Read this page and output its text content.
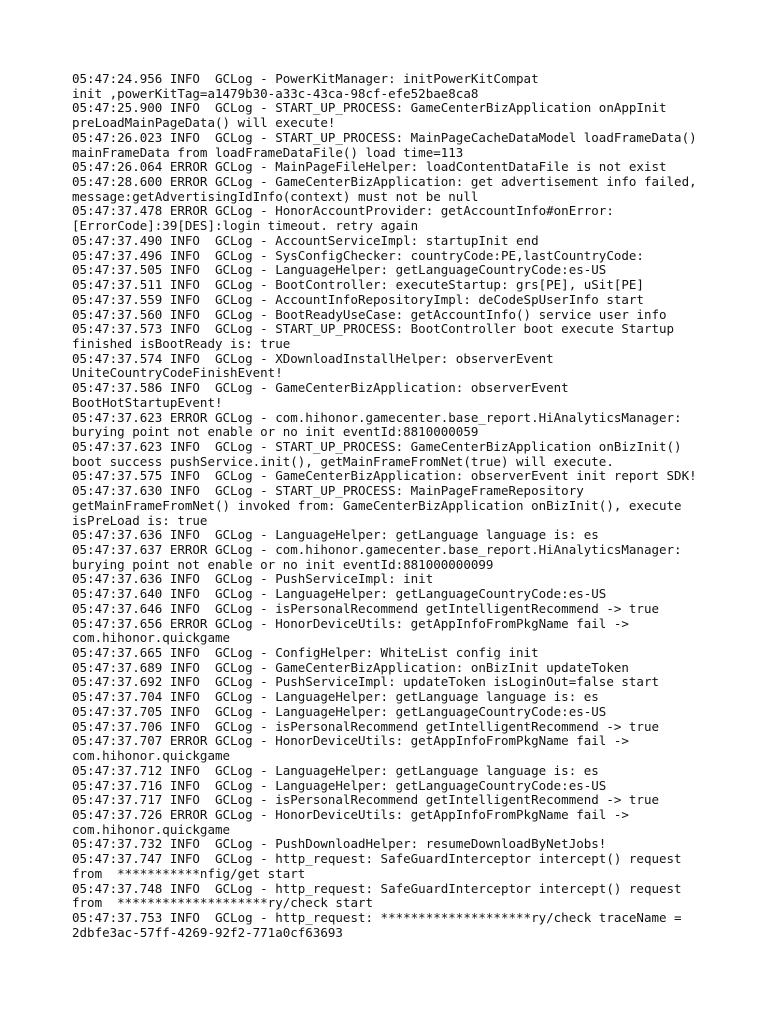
05:47:24.956 INFO  GCLog - PowerKitManager: initPowerKitCompat
init ,powerKitTag=a1479b30-a33c-43ca-98cf-efe52bae8ca8
05:47:25.900 INFO  GCLog - START_UP_PROCESS: GameCenterBizApplication onAppInit
preLoadMainPageData() will execute!
05:47:26.023 INFO  GCLog - START_UP_PROCESS: MainPageCacheDataModel loadFrameData()
mainFrameData from loadFrameDataFile() load time=113
05:47:26.064 ERROR GCLog - MainPageFileHelper: loadContentDataFile is not exist
05:47:28.600 ERROR GCLog - GameCenterBizApplication: get advertisement info failed,
message:getAdvertisingIdInfo(context) must not be null
05:47:37.478 ERROR GCLog - HonorAccountProvider: getAccountInfo#onError:
[ErrorCode]:39[DES]:login timeout. retry again
05:47:37.490 INFO  GCLog - AccountServiceImpl: startupInit end
05:47:37.496 INFO  GCLog - SysConfigChecker: countryCode:PE,lastCountryCode:
05:47:37.505 INFO  GCLog - LanguageHelper: getLanguageCountryCode:es-US
05:47:37.511 INFO  GCLog - BootController: executeStartup: grs[PE], uSit[PE]
05:47:37.559 INFO  GCLog - AccountInfoRepositoryImpl: deCodeSpUserInfo start
05:47:37.560 INFO  GCLog - BootReadyUseCase: getAccountInfo() service user info
05:47:37.573 INFO  GCLog - START_UP_PROCESS: BootController boot execute Startup
finished isBootReady is: true
05:47:37.574 INFO  GCLog - XDownloadInstallHelper: observerEvent
UniteCountryCodeFinishEvent!
05:47:37.586 INFO  GCLog - GameCenterBizApplication: observerEvent
BootHotStartupEvent!
05:47:37.623 ERROR GCLog - com.hihonor.gamecenter.base_report.HiAnalyticsManager:
burying point not enable or no init eventId:8810000059
05:47:37.623 INFO  GCLog - START_UP_PROCESS: GameCenterBizApplication onBizInit()
boot success pushService.init(), getMainFrameFromNet(true) will execute.
05:47:37.575 INFO  GCLog - GameCenterBizApplication: observerEvent init report SDK!
05:47:37.630 INFO  GCLog - START_UP_PROCESS: MainPageFrameRepository
getMainFrameFromNet() invoked from: GameCenterBizApplication onBizInit(), execute
isPreLoad is: true
05:47:37.636 INFO  GCLog - LanguageHelper: getLanguage language is: es
05:47:37.637 ERROR GCLog - com.hihonor.gamecenter.base_report.HiAnalyticsManager:
burying point not enable or no init eventId:881000000099
05:47:37.636 INFO  GCLog - PushServiceImpl: init
05:47:37.640 INFO  GCLog - LanguageHelper: getLanguageCountryCode:es-US
05:47:37.646 INFO  GCLog - isPersonalRecommend getIntelligentRecommend -> true
05:47:37.656 ERROR GCLog - HonorDeviceUtils: getAppInfoFromPkgName fail ->
com.hihonor.quickgame
05:47:37.665 INFO  GCLog - ConfigHelper: WhiteList config init
05:47:37.689 INFO  GCLog - GameCenterBizApplication: onBizInit updateToken
05:47:37.692 INFO  GCLog - PushServiceImpl: updateToken isLoginOut=false start
05:47:37.704 INFO  GCLog - LanguageHelper: getLanguage language is: es
05:47:37.705 INFO  GCLog - LanguageHelper: getLanguageCountryCode:es-US
05:47:37.706 INFO  GCLog - isPersonalRecommend getIntelligentRecommend -> true
05:47:37.707 ERROR GCLog - HonorDeviceUtils: getAppInfoFromPkgName fail ->
com.hihonor.quickgame
05:47:37.712 INFO  GCLog - LanguageHelper: getLanguage language is: es
05:47:37.716 INFO  GCLog - LanguageHelper: getLanguageCountryCode:es-US
05:47:37.717 INFO  GCLog - isPersonalRecommend getIntelligentRecommend -> true
05:47:37.726 ERROR GCLog - HonorDeviceUtils: getAppInfoFromPkgName fail ->
com.hihonor.quickgame
05:47:37.732 INFO  GCLog - PushDownloadHelper: resumeDownloadByNetJobs!
05:47:37.747 INFO  GCLog - http_request: SafeGuardInterceptor intercept() request
from  ***********nfig/get start
05:47:37.748 INFO  GCLog - http_request: SafeGuardInterceptor intercept() request
from  ********************ry/check start
05:47:37.753 INFO  GCLog - http_request: ********************ry/check traceName =
2dbfe3ac-57ff-4269-92f2-771a0cf63693
